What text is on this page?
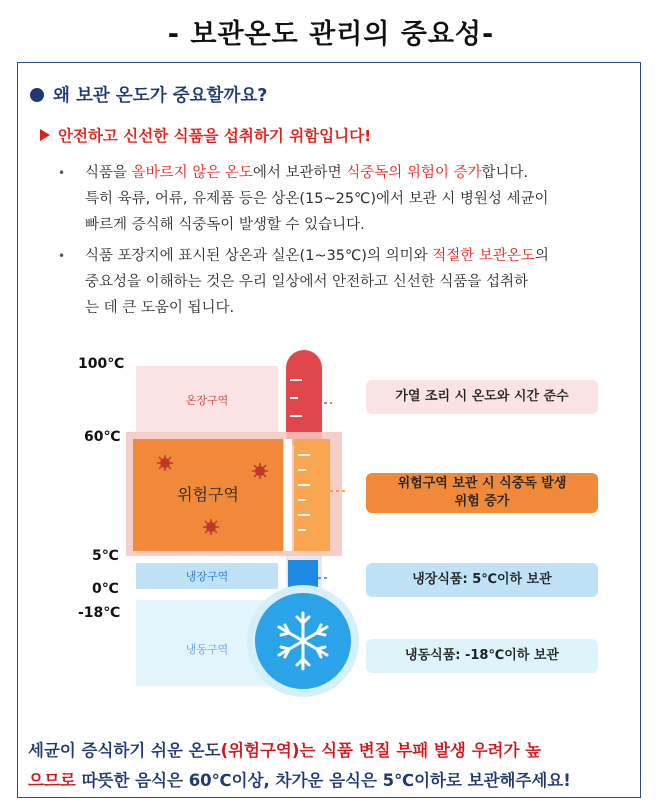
- 보관온도 관리의 중요성-
왜 보관 온도가 중요할까요?
안전하고 신선한 식품을 섭취하기 위함입니다!
• 식품을 올바르지 않은 온도에서 보관하면 식중독의 위험이 증가합니다.
특히 육류, 어류, 유제품 등은 상온(15~25℃)에서 보관 시 병원성 세균이
빠르게 증식해 식중독이 발생할 수 있습니다.
• 식품 포장지에 표시된 상온과 실온(1~35℃)의 의미와 적절한 보관온도의
중요성을 이해하는 것은 우리 일상에서 안전하고 신선한 식품을 섭취하
는 데 큰 도움이 됩니다.
100℃
60℃
5℃
0℃
-18℃
온장구역
위험구역
냉장구역
냉동구역
가열 조리 시 온도와 시간 준수
위험구역 보관 시 식중독 발생
위험 증가
냉장식품: 5℃이하 보관
냉동식품: -18℃이하 보관
세균이 증식하기 쉬운 온도(위험구역)는 식품 변질 부패 발생 우려가 높
으므로 따뜻한 음식은 60℃이상, 차가운 음식은 5℃이하로 보관해주세요!
